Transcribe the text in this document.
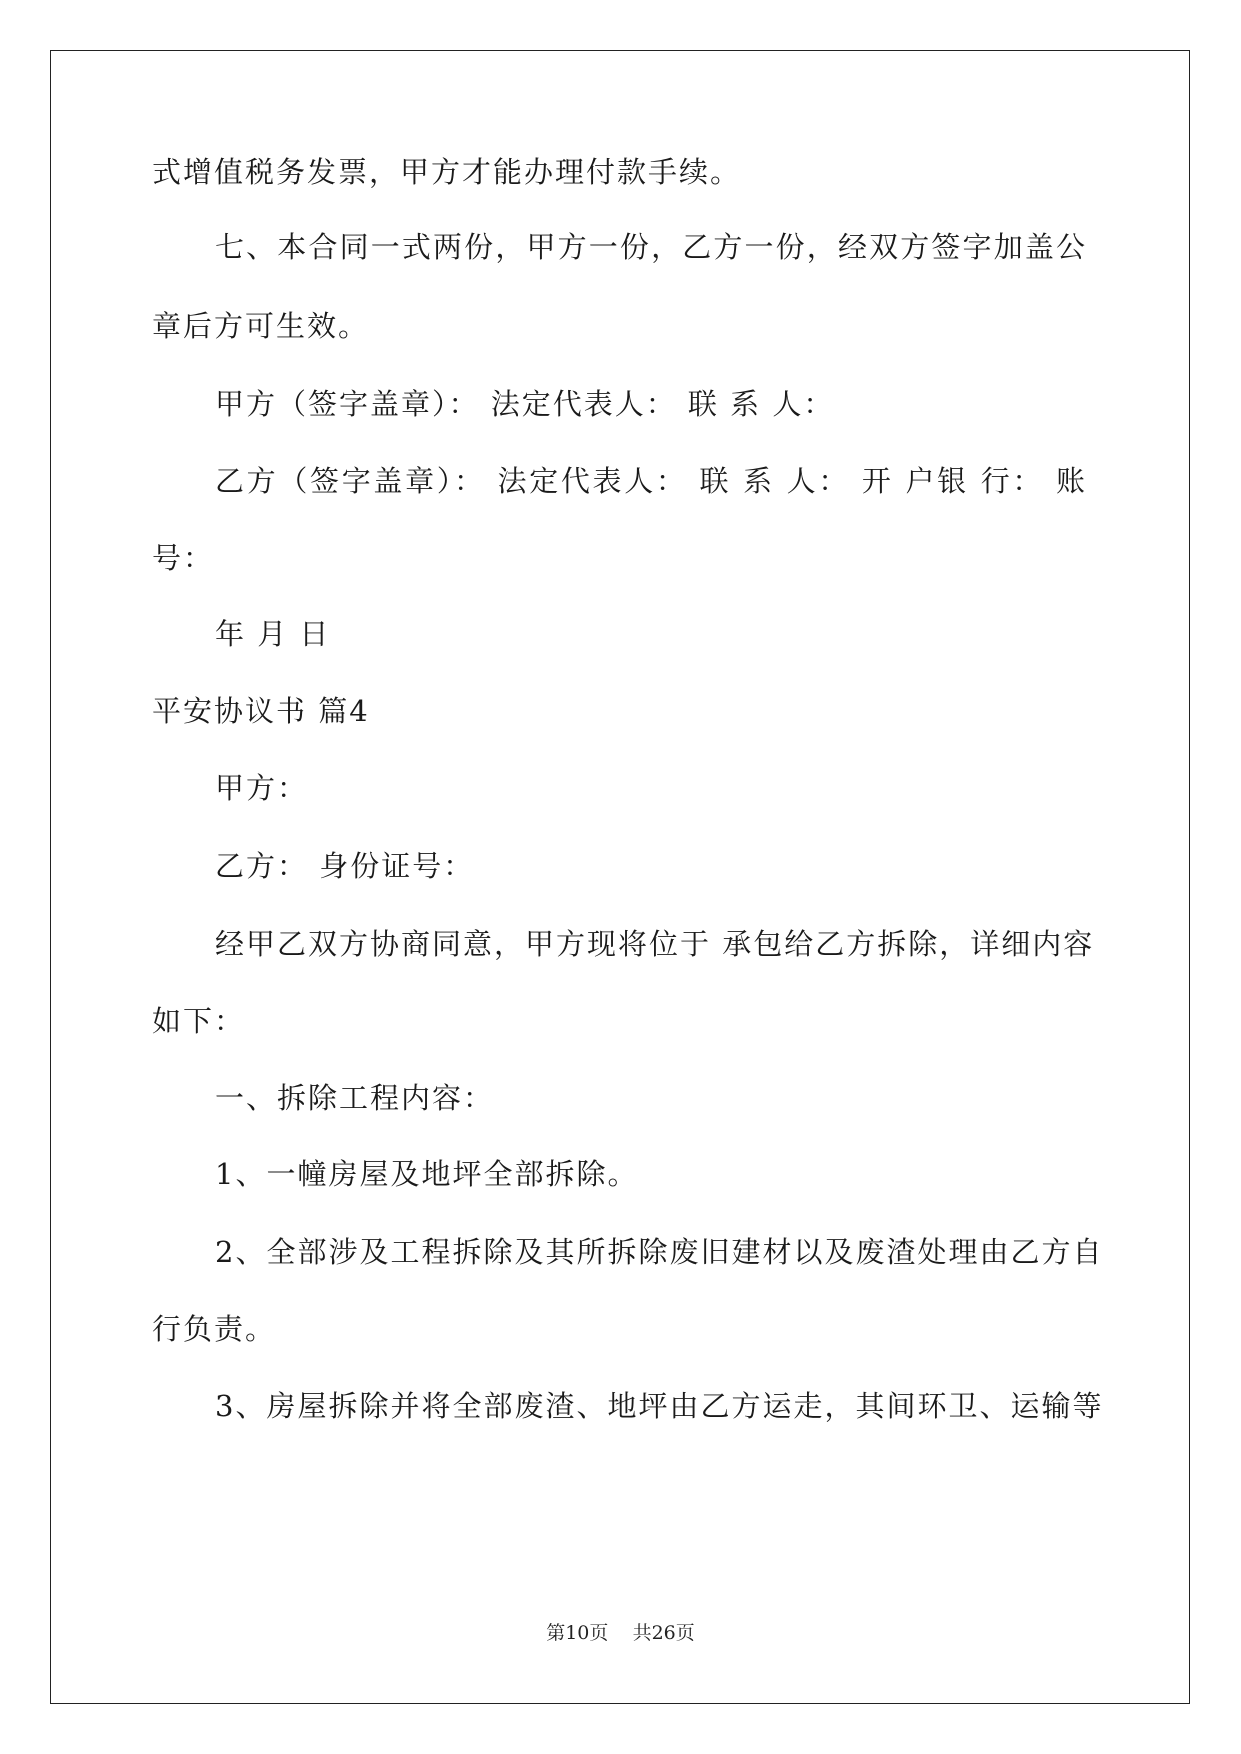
式增值税务发票，甲方才能办理付款手续。
七、本合同一式两份，甲方一份，乙方一份，经双方签字加盖公
章后方可生效。
甲方（签字盖章）： 法定代表人： 联 系 人：
乙方（签字盖章）： 法定代表人： 联 系 人： 开 户银 行： 账
号：
年 月 日
平安协议书 篇4
甲方：
乙方： 身份证号：
经甲乙双方协商同意，甲方现将位于 承包给乙方拆除，详细内容
如下：
一、拆除工程内容：
1、一幢房屋及地坪全部拆除。
2、全部涉及工程拆除及其所拆除废旧建材以及废渣处理由乙方自
行负责。
3、房屋拆除并将全部废渣、地坪由乙方运走，其间环卫、运输等
第10页 共26页
